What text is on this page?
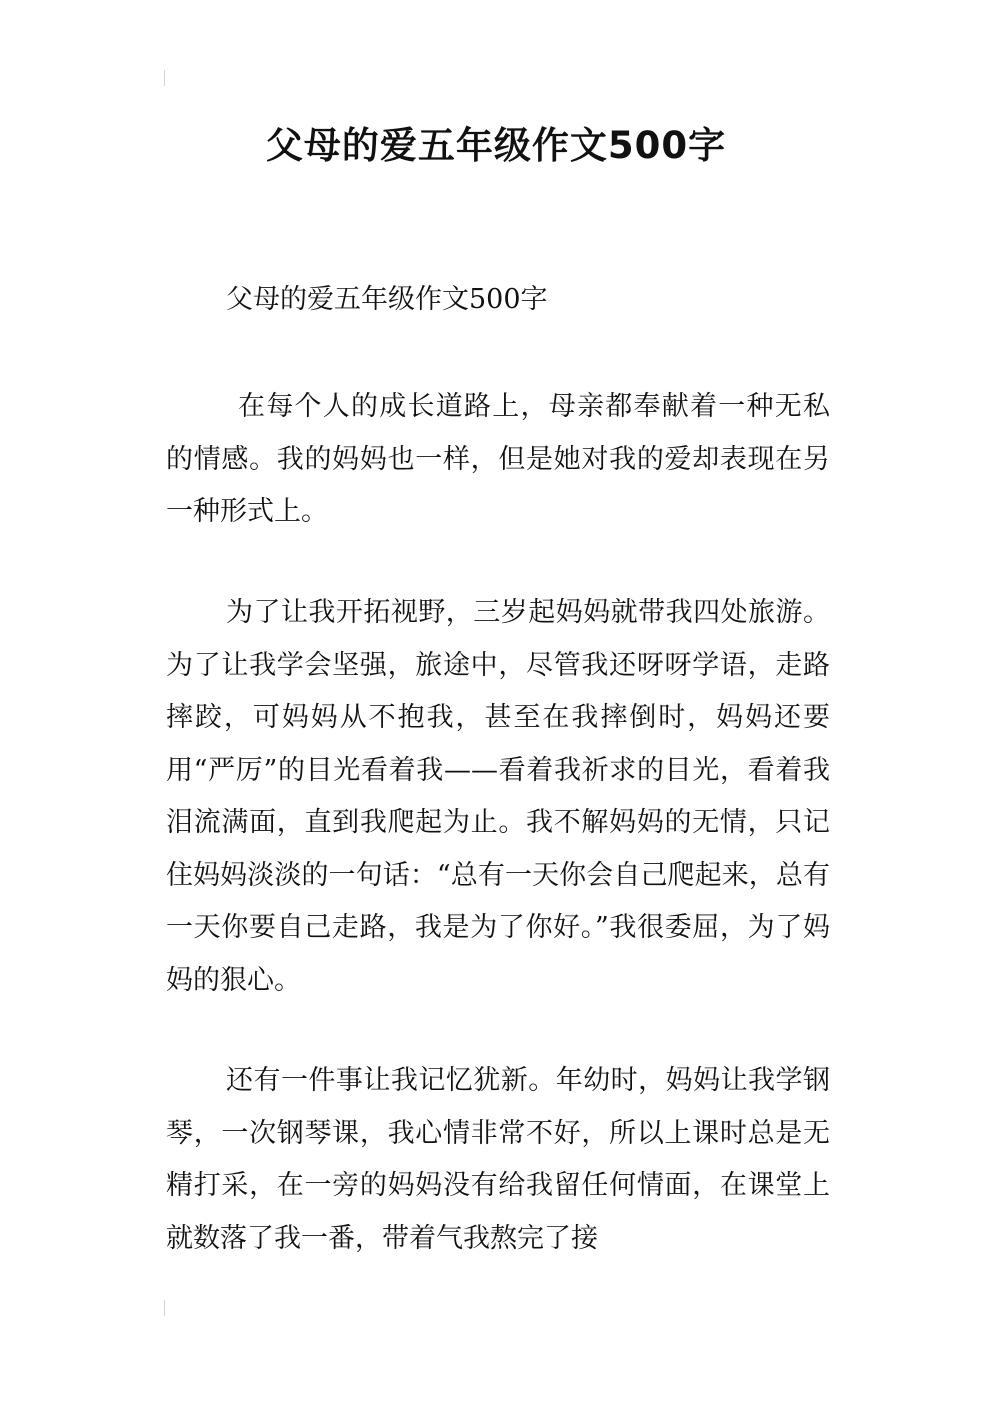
父母的爱五年级作文500字

父母的爱五年级作文500字

在每个人的成长道路上，母亲都奉献着一种无私的情感。我的妈妈也一样，但是她对我的爱却表现在另一种形式上。

为了让我开拓视野，三岁起妈妈就带我四处旅游。为了让我学会坚强，旅途中，尽管我还呀呀学语，走路摔跤，可妈妈从不抱我，甚至在我摔倒时，妈妈还要用“严厉”的目光看着我——看着我祈求的目光，看着我泪流满面，直到我爬起为止。我不解妈妈的无情，只记住妈妈淡淡的一句话：“总有一天你会自己爬起来，总有一天你要自己走路，我是为了你好。”我很委屈，为了妈妈的狠心。

还有一件事让我记忆犹新。年幼时，妈妈让我学钢琴，一次钢琴课，我心情非常不好，所以上课时总是无精打采，在一旁的妈妈没有给我留任何情面，在课堂上就数落了我一番，带着气我熬完了接
